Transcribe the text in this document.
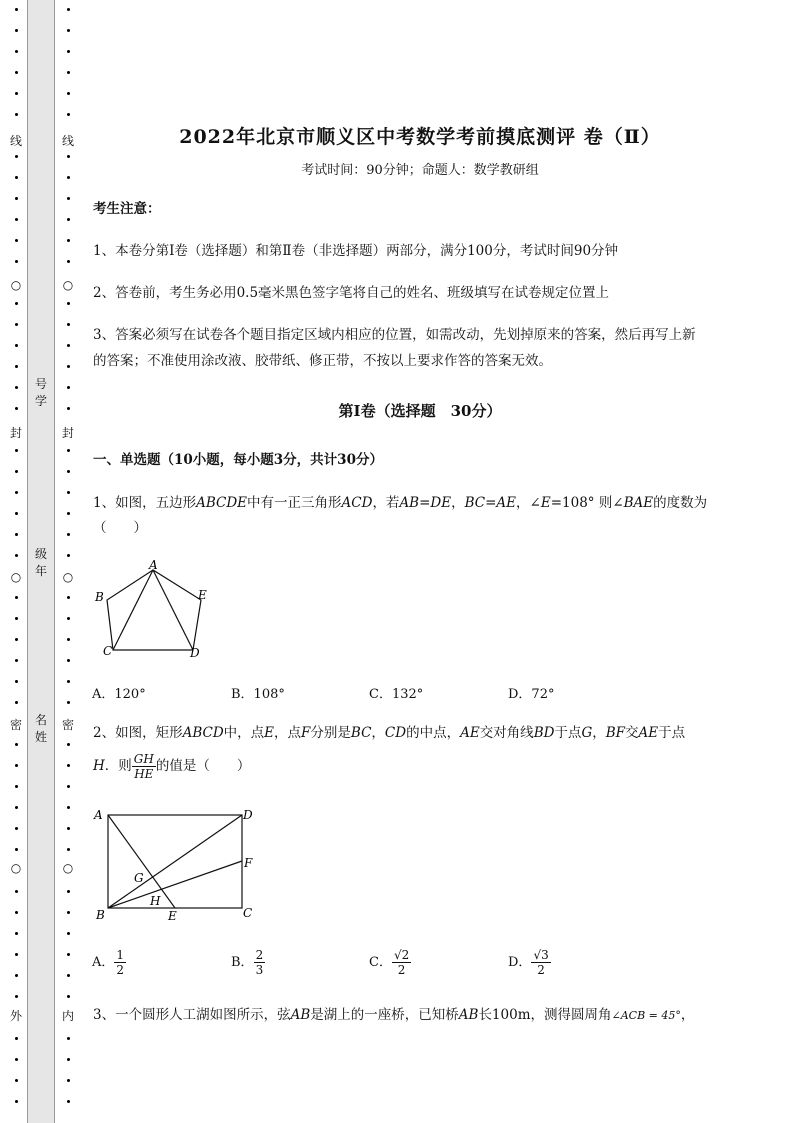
线
○
封
○
密
○
外
号学
级年
名姓
线
○
封
○
密
○
内
2022年北京市顺义区中考数学考前摸底测评 卷（Ⅱ）
考试时间：90分钟；命题人：数学教研组
考生注意：
1、本卷分第I卷（选择题）和第Ⅱ卷（非选择题）两部分，满分100分，考试时间90分钟
2、答卷前，考生务必用0.5毫米黑色签字笔将自己的姓名、班级填写在试卷规定位置上
3、答案必须写在试卷各个题目指定区域内相应的位置，如需改动，先划掉原来的答案，然后再写上新
的答案；不准使用涂改液、胶带纸、修正带，不按以上要求作答的答案无效。
第Ⅰ卷（选择题　30分）
一、单选题（10小题，每小题3分，共计30分）
1、如图，五边形ABCDE中有一正三角形ACD，若AB=DE，BC=AE，∠E=108° 则∠BAE的度数为
（　　）
A
B
C	D
E
A．120°	B．108°	C．132°	D．72°
2、如图，矩形ABCD中，点E，点F分别是BC，CD的中点，AE交对角线BD于点G，BF交AE于点
H．则 $\frac{GH}{HE}$ 的值是（　　）
A	D
F
G
H
B	E	C
A． $\frac{1}{2}$	B． $\frac{2}{3}$	C． $\frac{√2}{2}$	D． $\frac{√3}{2}$
3、一个圆形人工湖如图所示，弦AB是湖上的一座桥，已知桥AB长100m，测得圆周角∠ACB = 45°，
